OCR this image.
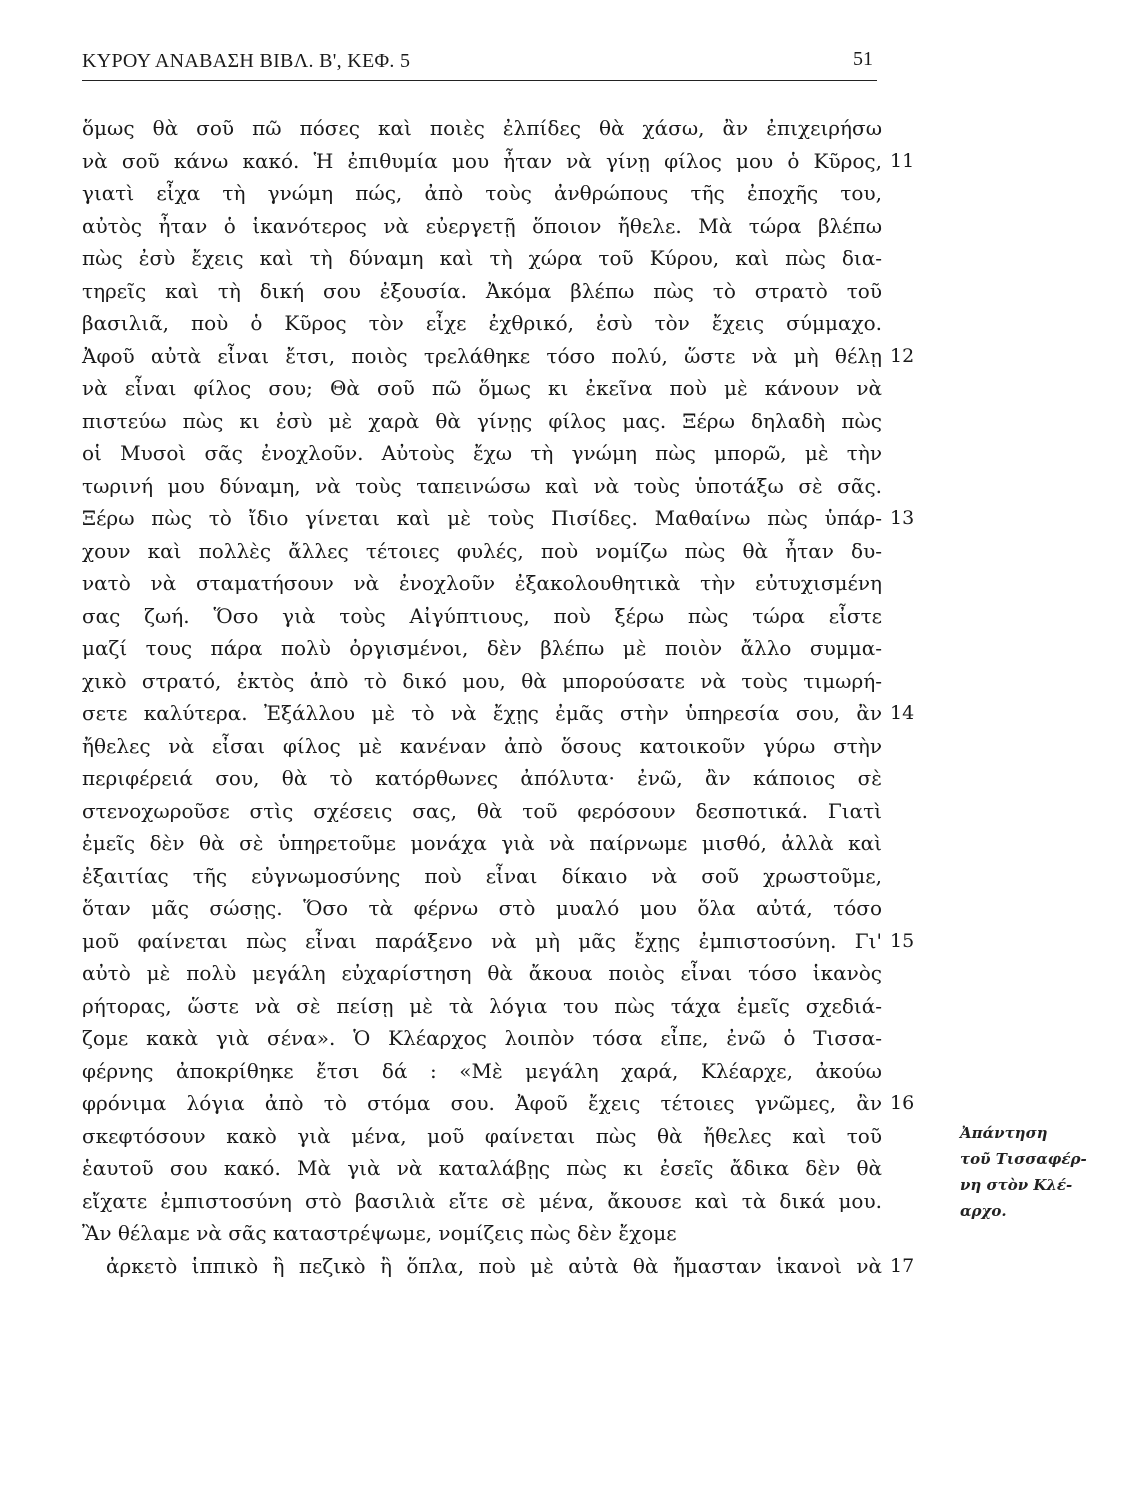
ΚΥΡΟΥ ΑΝΑΒΑΣΗ ΒΙΒΛ. Β', ΚΕΦ. 5	51
ὅμως θὰ σοῦ πῶ πόσες καὶ ποιὲς ἐλπίδες θὰ χάσω, ἂν ἐπιχειρήσω
νὰ σοῦ κάνω κακό. Ἡ ἐπιθυμία μου ἦταν νὰ γίνῃ φίλος μου ὁ Κῦρος, 11
γιατὶ εἶχα τὴ γνώμη πώς, ἀπὸ τοὺς ἀνθρώπους τῆς ἐποχῆς του,
αὐτὸς ἦταν ὁ ἱκανότερος νὰ εὐεργετῇ ὅποιον ἤθελε. Μὰ τώρα βλέπω
πὼς ἐσὺ ἔχεις καὶ τὴ δύναμη καὶ τὴ χώρα τοῦ Κύρου, καὶ πὼς δια-
τηρεῖς καὶ τὴ δική σου ἐξουσία. Ἀκόμα βλέπω πὼς τὸ στρατὸ τοῦ
βασιλιᾶ, ποὺ ὁ Κῦρος τὸν εἶχε ἐχθρικό, ἐσὺ τὸν ἔχεις σύμμαχο.
Ἀφοῦ αὐτὰ εἶναι ἔτσι, ποιὸς τρελάθηκε τόσο πολύ, ὥστε νὰ μὴ θέλῃ 12
νὰ εἶναι φίλος σου; Θὰ σοῦ πῶ ὅμως κι ἐκεῖνα ποὺ μὲ κάνουν νὰ
πιστεύω πὼς κι ἐσὺ μὲ χαρὰ θὰ γίνῃς φίλος μας. Ξέρω δηλαδὴ πὼς
οἱ Μυσοὶ σᾶς ἐνοχλοῦν. Αὐτοὺς ἔχω τὴ γνώμη πὼς μπορῶ, μὲ τὴν
τωρινή μου δύναμη, νὰ τοὺς ταπεινώσω καὶ νὰ τοὺς ὑποτάξω σὲ σᾶς.
Ξέρω πὼς τὸ ἴδιο γίνεται καὶ μὲ τοὺς Πισίδες. Μαθαίνω πὼς ὑπάρ- 13
χουν καὶ πολλὲς ἄλλες τέτοιες φυλές, ποὺ νομίζω πὼς θὰ ἦταν δυ-
νατὸ νὰ σταματήσουν νὰ ἐνοχλοῦν ἐξακολουθητικὰ τὴν εὐτυχισμένη
σας ζωή. Ὅσο γιὰ τοὺς Αἰγύπτιους, ποὺ ξέρω πὼς τώρα εἶστε
μαζί τους πάρα πολὺ ὀργισμένοι, δὲν βλέπω μὲ ποιὸν ἄλλο συμμα-
χικὸ στρατό, ἐκτὸς ἀπὸ τὸ δικό μου, θὰ μπορούσατε νὰ τοὺς τιμωρή-
σετε καλύτερα. Ἐξάλλου μὲ τὸ νὰ ἔχῃς ἐμᾶς στὴν ὑπηρεσία σου, ἂν 14
ἤθελες νὰ εἶσαι φίλος μὲ κανέναν ἀπὸ ὅσους κατοικοῦν γύρω στὴν
περιφέρειά σου, θὰ τὸ κατόρθωνες ἀπόλυτα· ἐνῶ, ἂν κάποιος σὲ
στενοχωροῦσε στὶς σχέσεις σας, θὰ τοῦ φερόσουν δεσποτικά. Γιατὶ
ἐμεῖς δὲν θὰ σὲ ὑπηρετοῦμε μονάχα γιὰ νὰ παίρνωμε μισθό, ἀλλὰ καὶ
ἐξαιτίας τῆς εὐγνωμοσύνης ποὺ εἶναι δίκαιο νὰ σοῦ χρωστοῦμε,
ὅταν μᾶς σώσῃς. Ὅσο τὰ φέρνω στὸ μυαλό μου ὅλα αὐτά, τόσο
μοῦ φαίνεται πὼς εἶναι παράξενο νὰ μὴ μᾶς ἔχῃς ἐμπιστοσύνη. Γι' 15
αὐτὸ μὲ πολὺ μεγάλη εὐχαρίστηση θὰ ἄκουα ποιὸς εἶναι τόσο ἱκανὸς
ρήτορας, ὥστε νὰ σὲ πείσῃ μὲ τὰ λόγια του πὼς τάχα ἐμεῖς σχεδιά-
ζομε κακὰ γιὰ σένα». Ὁ Κλέαρχος λοιπὸν τόσα εἶπε, ἐνῶ ὁ Τισσα-
φέρνης ἀποκρίθηκε ἔτσι δά : «Μὲ μεγάλη χαρά, Κλέαρχε, ἀκούω
φρόνιμα λόγια ἀπὸ τὸ στόμα σου. Ἀφοῦ ἔχεις τέτοιες γνῶμες, ἂν 16
σκεφτόσουν κακὸ γιὰ μένα, μοῦ φαίνεται πὼς θὰ ἤθελες καὶ τοῦ
ἑαυτοῦ σου κακό. Μὰ γιὰ νὰ καταλάβῃς πὼς κι ἐσεῖς ἄδικα δὲν θὰ
εἴχατε ἐμπιστοσύνη στὸ βασιλιὰ εἴτε σὲ μένα, ἄκουσε καὶ τὰ δικά μου.
Ἂν θέλαμε νὰ σᾶς καταστρέψωμε, νομίζεις πὼς δὲν ἔχομε
ἀρκετὸ ἱππικὸ ἢ πεζικὸ ἢ ὅπλα, ποὺ μὲ αὐτὰ θὰ ἤμασταν ἱκανοὶ νὰ 17
Ἀπάντηση
τοῦ Τισσαφέρ-
νη στὸν Κλέ-
αρχο.
